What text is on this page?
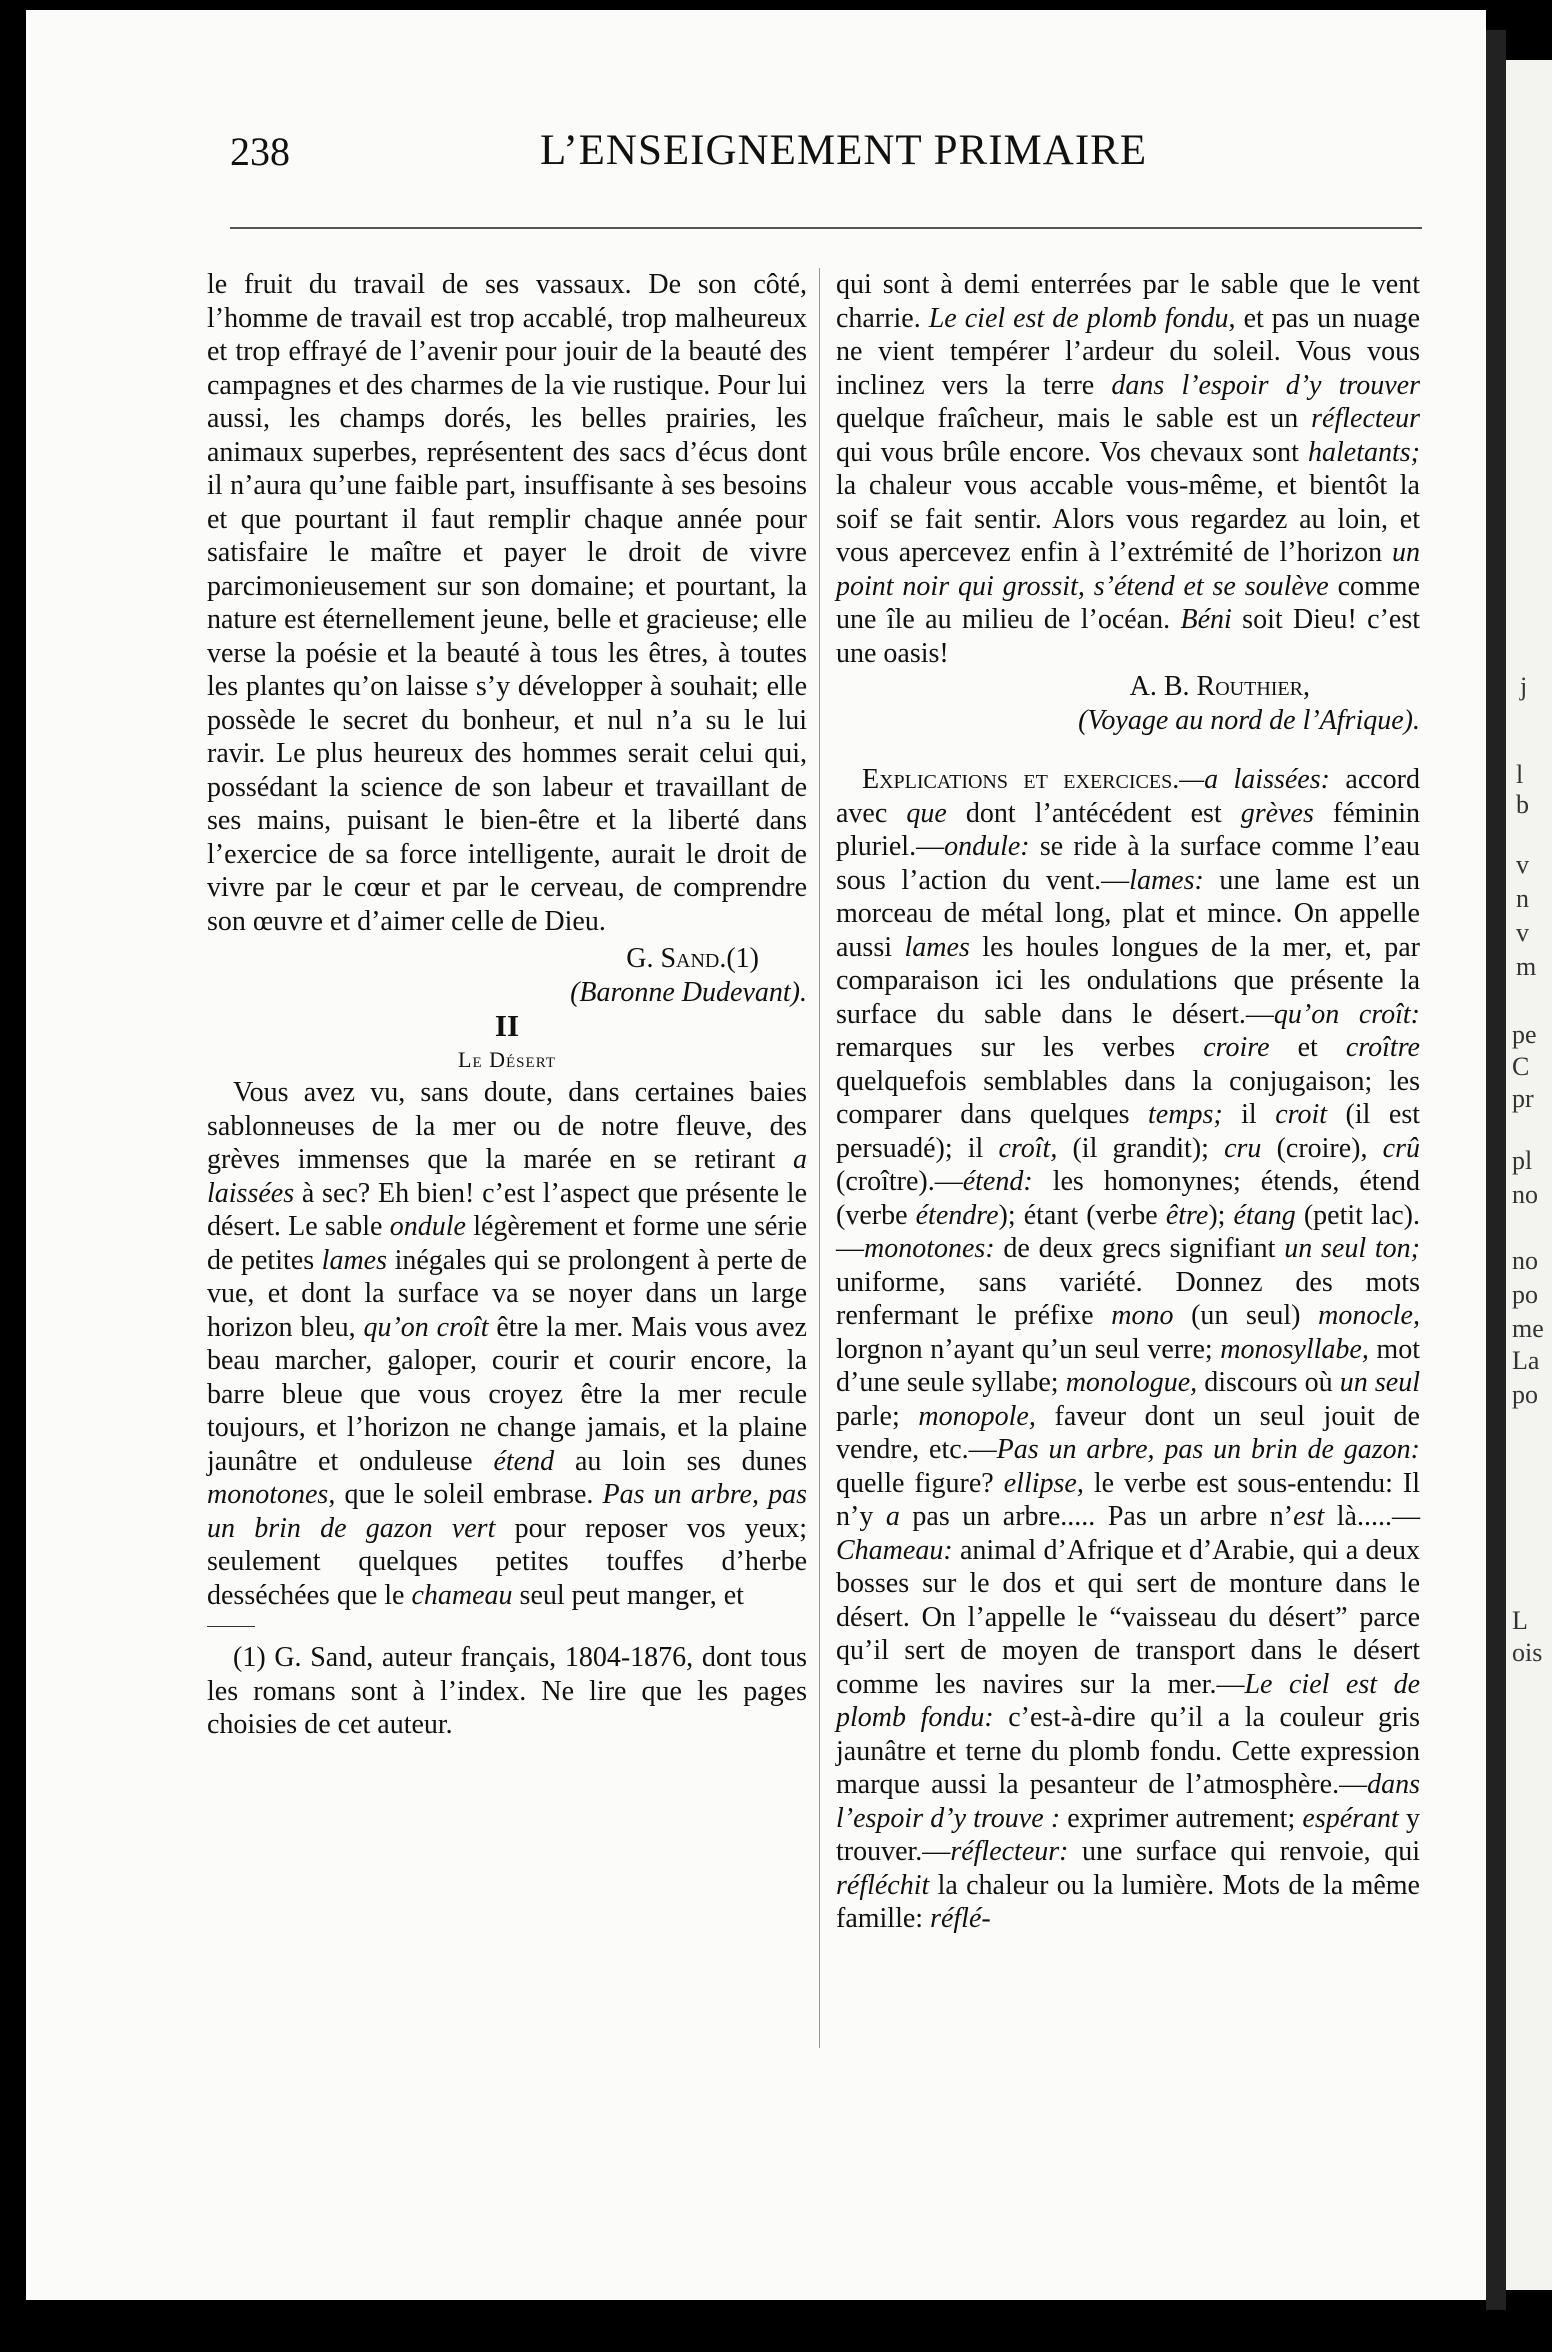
j
l
b
v
n
v
m
pe
C
pr
pl
no
no
po
me
La
po
L
ois
238	L’ENSEIGNEMENT PRIMAIRE

le fruit du travail de ses vassaux. De son côté, l’homme de travail est trop accablé, trop malheureux et trop effrayé de l’avenir pour jouir de la beauté des campagnes et des charmes de la vie rustique. Pour lui aussi, les champs dorés, les belles prairies, les animaux superbes, représentent des sacs d’écus dont il n’aura qu’une faible part, insuffisante à ses besoins et que pourtant il faut remplir chaque année pour satisfaire le maître et payer le droit de vivre parcimonieusement sur son domaine; et pourtant, la nature est éternellement jeune, belle et gracieuse; elle verse la poésie et la beauté à tous les êtres, à toutes les plantes qu’on laisse s’y développer à souhait; elle possède le secret du bonheur, et nul n’a su le lui ravir. Le plus heureux des hommes serait celui qui, possédant la science de son labeur et travaillant de ses mains, puisant le bien-être et la liberté dans l’exercice de sa force intelligente, aurait le droit de vivre par le cœur et par le cerveau, de comprendre son œuvre et d’aimer celle de Dieu.

G. Sand.(1)

(Baronne Dudevant).

II

Le Désert

Vous avez vu, sans doute, dans certaines baies sablonneuses de la mer ou de notre fleuve, des grèves immenses que la marée en se retirant a laissées à sec? Eh bien! c’est l’aspect que présente le désert. Le sable ondule légèrement et forme une série de petites lames inégales qui se prolongent à perte de vue, et dont la surface va se noyer dans un large horizon bleu, qu’on croît être la mer. Mais vous avez beau marcher, galoper, courir et courir encore, la barre bleue que vous croyez être la mer recule toujours, et l’horizon ne change jamais, et la plaine jaunâtre et onduleuse étend au loin ses dunes monotones, que le soleil embrase. Pas un arbre, pas un brin de gazon vert pour reposer vos yeux; seulement quelques petites touffes d’herbe desséchées que le chameau seul peut manger, et

(1) G. Sand, auteur français, 1804-1876, dont tous les romans sont à l’index. Ne lire que les pages choisies de cet auteur.

qui sont à demi enterrées par le sable que le vent charrie. Le ciel est de plomb fondu, et pas un nuage ne vient tempérer l’ardeur du soleil. Vous vous inclinez vers la terre dans l’espoir d’y trouver quelque fraîcheur, mais le sable est un réflecteur qui vous brûle encore. Vos chevaux sont haletants; la chaleur vous accable vous-même, et bientôt la soif se fait sentir. Alors vous regardez au loin, et vous apercevez enfin à l’extrémité de l’horizon un point noir qui grossit, s’étend et se soulève comme une île au milieu de l’océan. Béni soit Dieu! c’est une oasis!

A. B. Routhier,

(Voyage au nord de l’Afrique).

Explications et exercices.—a laissées: accord avec que dont l’antécédent est grèves féminin pluriel.—ondule: se ride à la surface comme l’eau sous l’action du vent.—lames: une lame est un morceau de métal long, plat et mince. On appelle aussi lames les houles longues de la mer, et, par comparaison ici les ondulations que présente la surface du sable dans le désert.—qu’on croît: remarques sur les verbes croire et croître quelquefois semblables dans la conjugaison; les comparer dans quelques temps; il croit (il est persuadé); il croît, (il grandit); cru (croire), crû (croître).—étend: les homonynes; étends, étend (verbe étendre); étant (verbe être); étang (petit lac).—monotones: de deux grecs signifiant un seul ton; uniforme, sans variété. Donnez des mots renfermant le préfixe mono (un seul) monocle, lorgnon n’ayant qu’un seul verre; monosyllabe, mot d’une seule syllabe; monologue, discours où un seul parle; monopole, faveur dont un seul jouit de vendre, etc.—Pas un arbre, pas un brin de gazon: quelle figure? ellipse, le verbe est sous-entendu: Il n’y a pas un arbre..... Pas un arbre n’est là.....—Chameau: animal d’Afrique et d’Arabie, qui a deux bosses sur le dos et qui sert de monture dans le désert. On l’appelle le “vaisseau du désert” parce qu’il sert de moyen de transport dans le désert comme les navires sur la mer.—Le ciel est de plomb fondu: c’est-à-dire qu’il a la couleur gris jaunâtre et terne du plomb fondu. Cette expression marque aussi la pesanteur de l’atmosphère.—dans l’espoir d’y trouve : exprimer autrement; espérant y trouver.—réflecteur: une surface qui renvoie, qui réfléchit la chaleur ou la lumière. Mots de la même famille: réflé-
